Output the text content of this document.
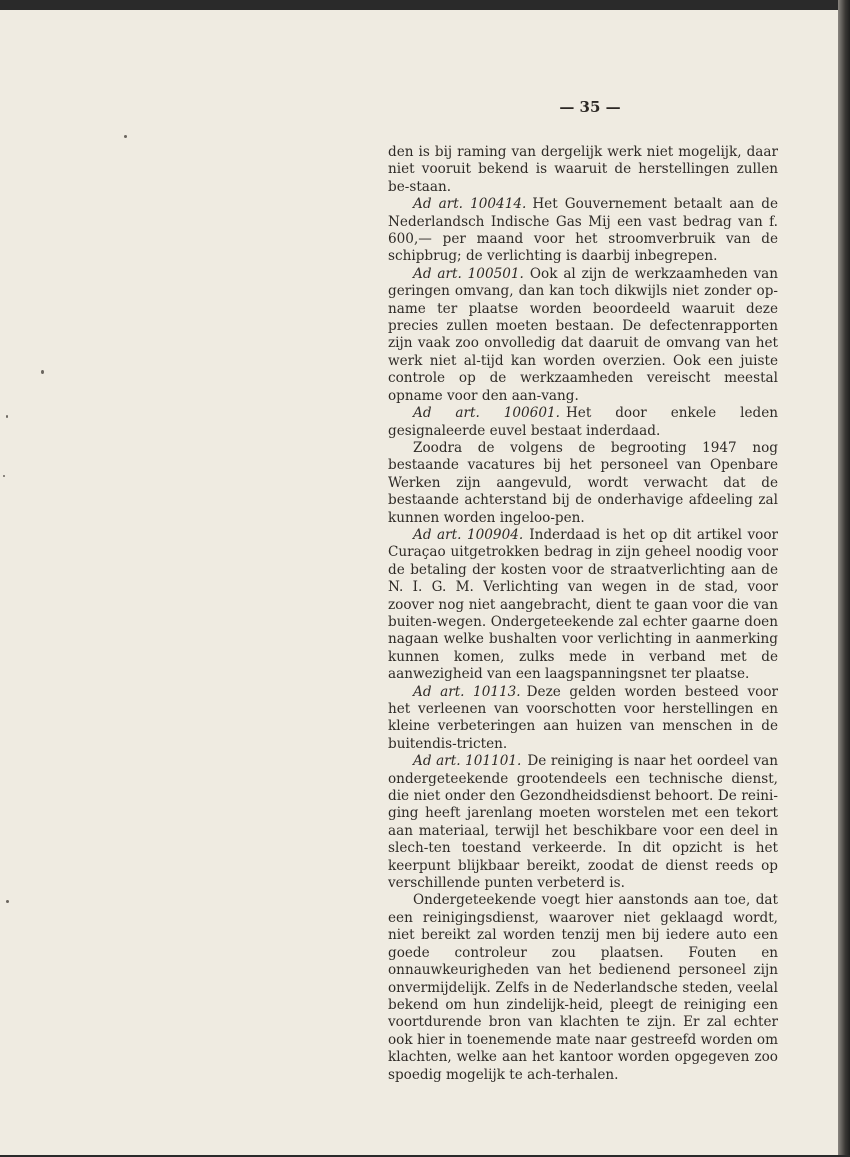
— 35 —

den is bij raming van dergelijk werk niet mogelijk, daar niet vooruit bekend is waaruit de herstellingen zullen be-staan.

Ad art. 100414. Het Gouvernement betaalt aan de Nederlandsch Indische Gas Mij een vast bedrag van f. 600,— per maand voor het stroomverbruik van de schipbrug; de verlichting is daarbij inbegrepen.

Ad art. 100501. Ook al zijn de werkzaamheden van geringen omvang, dan kan toch dikwijls niet zonder op-name ter plaatse worden beoordeeld waaruit deze precies zullen moeten bestaan. De defectenrapporten zijn vaak zoo onvolledig dat daaruit de omvang van het werk niet al-tijd kan worden overzien. Ook een juiste controle op de werkzaamheden vereischt meestal opname voor den aan-vang.

Ad art. 100601. Het door enkele leden gesignaleerde euvel bestaat inderdaad.

Zoodra de volgens de begrooting 1947 nog bestaande vacatures bij het personeel van Openbare Werken zijn aangevuld, wordt verwacht dat de bestaande achterstand bij de onderhavige afdeeling zal kunnen worden ingeloo-pen.

Ad art. 100904. Inderdaad is het op dit artikel voor Curaçao uitgetrokken bedrag in zijn geheel noodig voor de betaling der kosten voor de straatverlichting aan de N. I. G. M. Verlichting van wegen in de stad, voor zoover nog niet aangebracht, dient te gaan voor die van buiten-wegen. Ondergeteekende zal echter gaarne doen nagaan welke bushalten voor verlichting in aanmerking kunnen komen, zulks mede in verband met de aanwezigheid van een laagspanningsnet ter plaatse.

Ad art. 10113. Deze gelden worden besteed voor het verleenen van voorschotten voor herstellingen en kleine verbeteringen aan huizen van menschen in de buitendis-tricten.

Ad art. 101101. De reiniging is naar het oordeel van ondergeteekende grootendeels een technische dienst, die niet onder den Gezondheidsdienst behoort. De reini-ging heeft jarenlang moeten worstelen met een tekort aan materiaal, terwijl het beschikbare voor een deel in slech-ten toestand verkeerde. In dit opzicht is het keerpunt blijkbaar bereikt, zoodat de dienst reeds op verschillende punten verbeterd is.

Ondergeteekende voegt hier aanstonds aan toe, dat een reinigingsdienst, waarover niet geklaagd wordt, niet bereikt zal worden tenzij men bij iedere auto een goede controleur zou plaatsen. Fouten en onnauwkeurigheden van het bedienend personeel zijn onvermijdelijk. Zelfs in de Nederlandsche steden, veelal bekend om hun zindelijk-heid, pleegt de reiniging een voortdurende bron van klachten te zijn. Er zal echter ook hier in toenemende mate naar gestreefd worden om klachten, welke aan het kantoor worden opgegeven zoo spoedig mogelijk te ach-terhalen.
